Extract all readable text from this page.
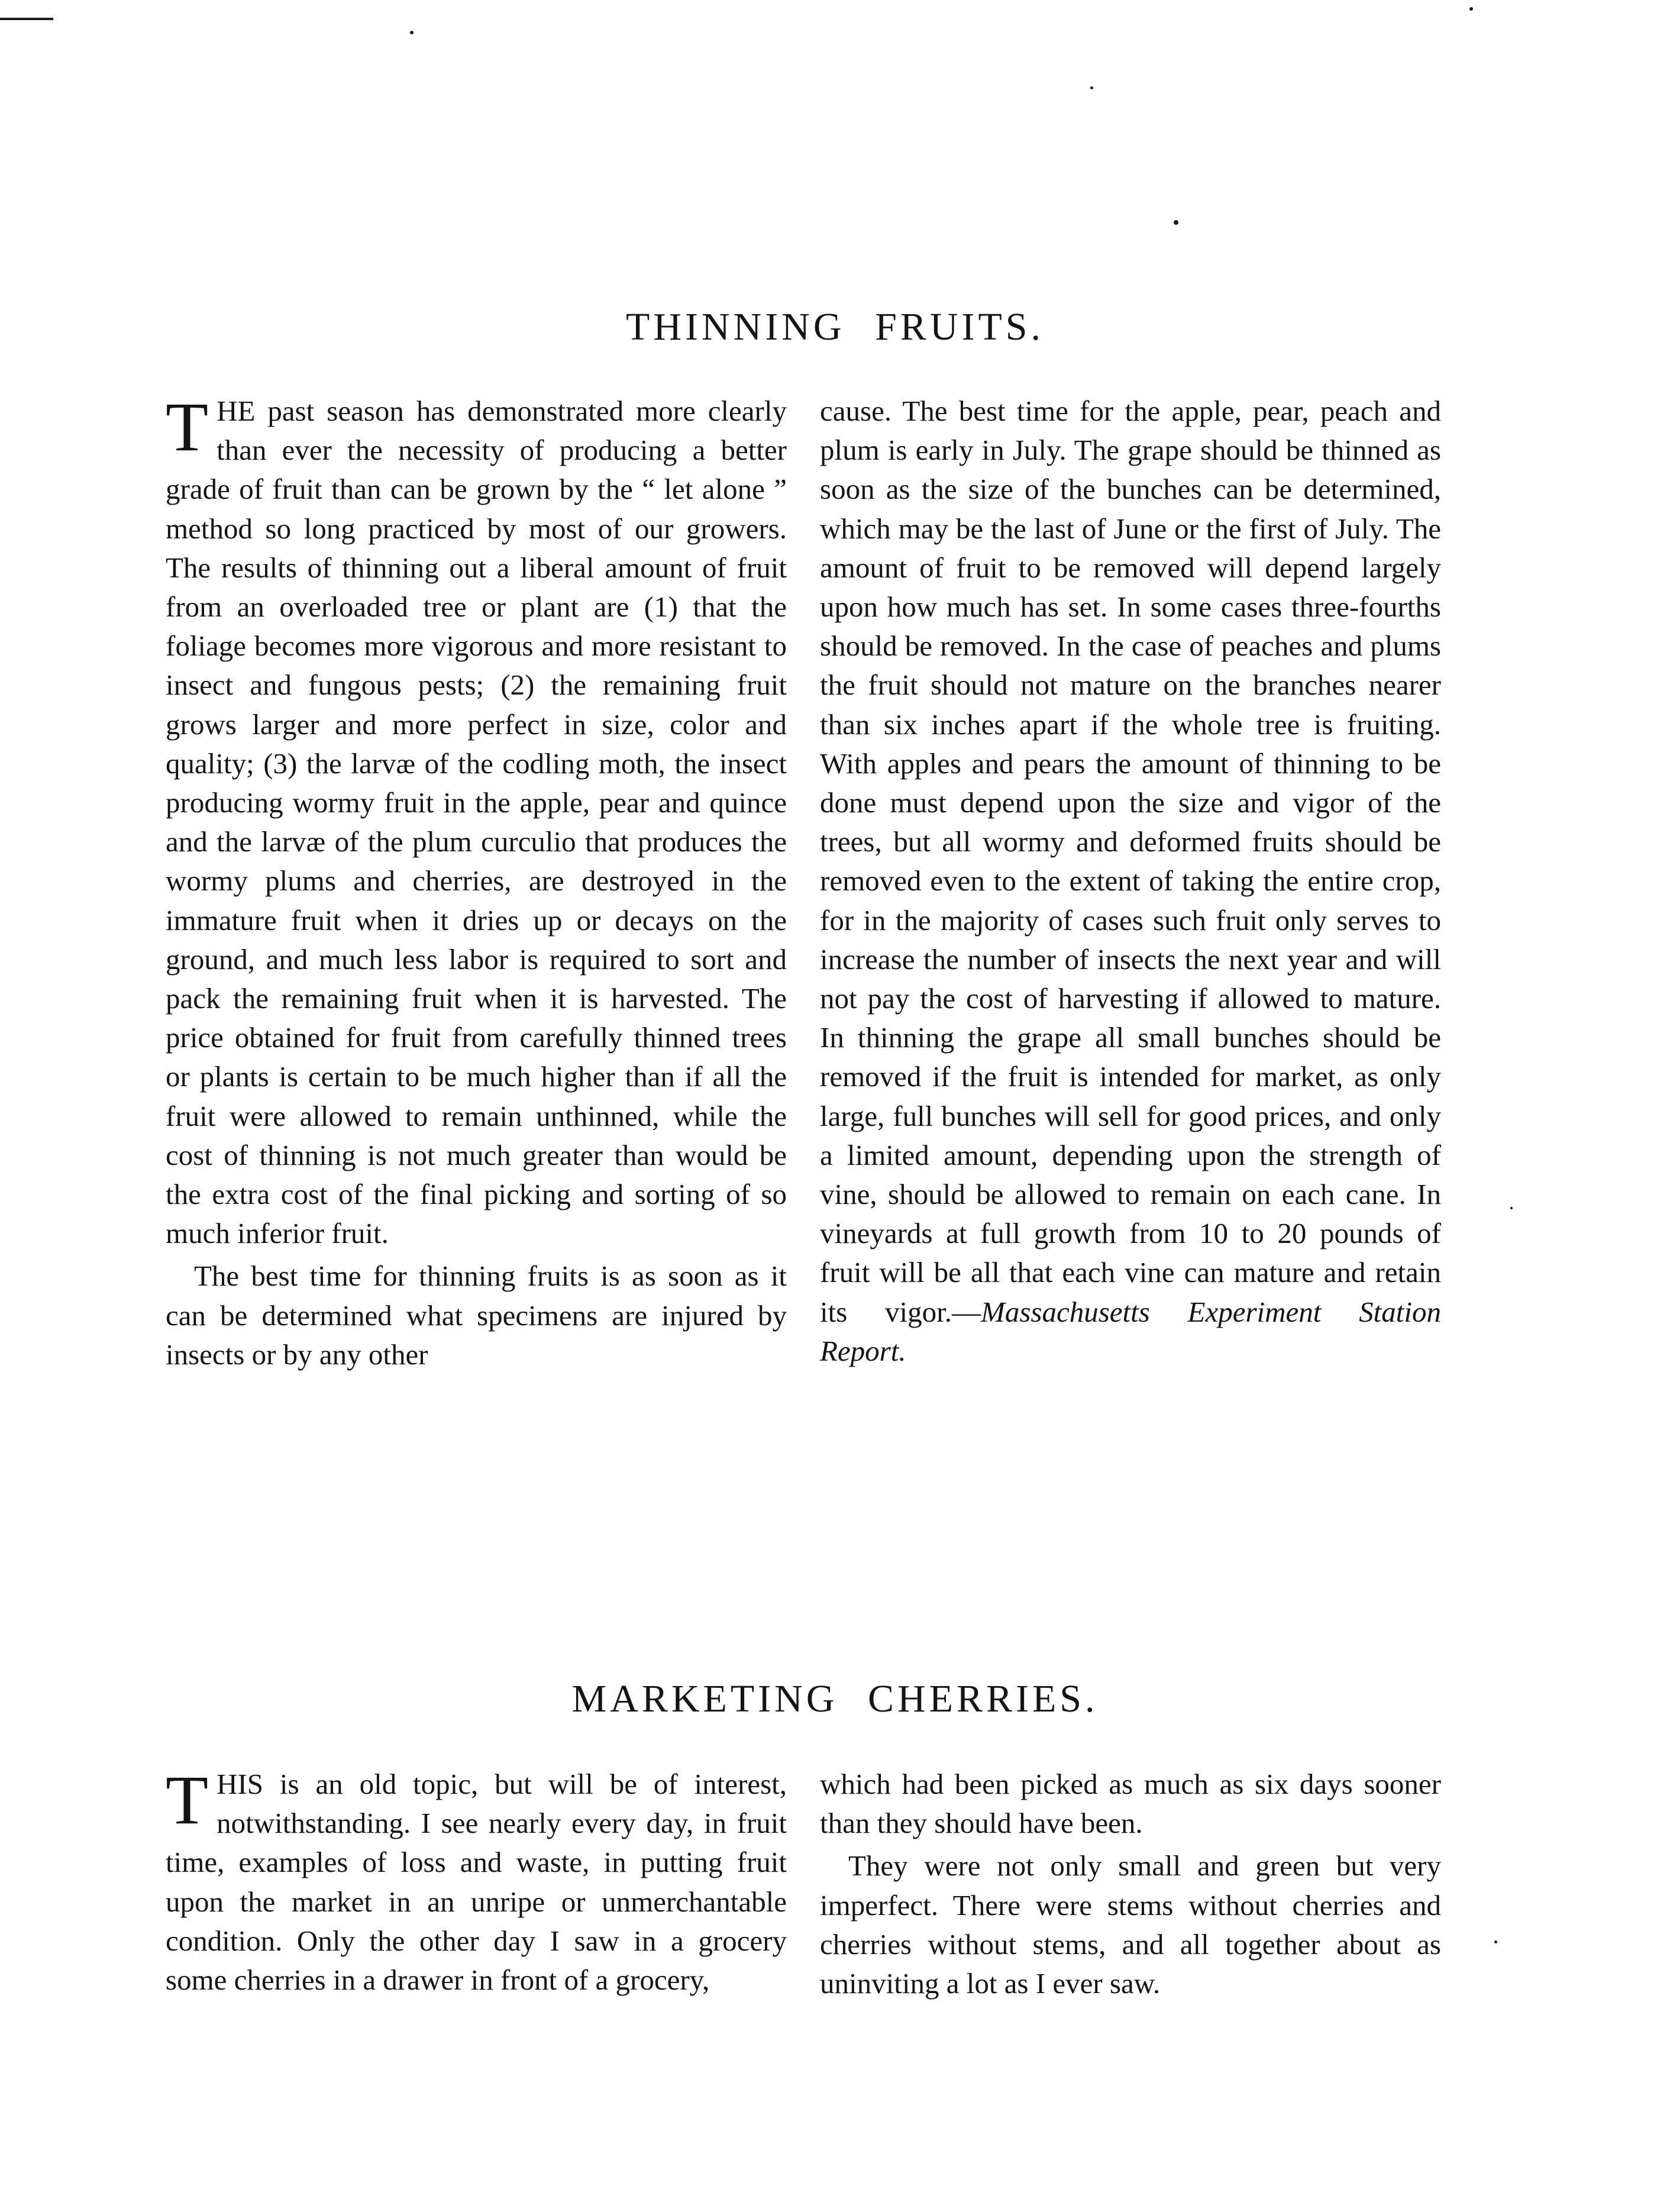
THINNING FRUITS.

THE past season has demonstrated more clearly than ever the necessity of producing a better grade of fruit than can be grown by the “ let alone ” method so long practiced by most of our growers. The results of thinning out a liberal amount of fruit from an overloaded tree or plant are (1) that the foliage becomes more vigorous and more resistant to insect and fungous pests; (2) the remaining fruit grows larger and more perfect in size, color and quality; (3) the larvæ of the codling moth, the insect producing wormy fruit in the apple, pear and quince and the larvæ of the plum curculio that produces the wormy plums and cherries, are destroyed in the immature fruit when it dries up or decays on the ground, and much less labor is required to sort and pack the remaining fruit when it is harvested. The price obtained for fruit from carefully thinned trees or plants is certain to be much higher than if all the fruit were allowed to remain unthinned, while the cost of thinning is not much greater than would be the extra cost of the final picking and sorting of so much inferior fruit.

The best time for thinning fruits is as soon as it can be determined what specimens are injured by insects or by any other

cause. The best time for the apple, pear, peach and plum is early in July. The grape should be thinned as soon as the size of the bunches can be determined, which may be the last of June or the first of July. The amount of fruit to be removed will depend largely upon how much has set. In some cases three-fourths should be removed. In the case of peaches and plums the fruit should not mature on the branches nearer than six inches apart if the whole tree is fruiting. With apples and pears the amount of thinning to be done must depend upon the size and vigor of the trees, but all wormy and deformed fruits should be removed even to the extent of taking the entire crop, for in the majority of cases such fruit only serves to increase the number of insects the next year and will not pay the cost of harvesting if allowed to mature. In thinning the grape all small bunches should be removed if the fruit is intended for market, as only large, full bunches will sell for good prices, and only a limited amount, depending upon the strength of vine, should be allowed to remain on each cane. In vineyards at full growth from 10 to 20 pounds of fruit will be all that each vine can mature and retain its vigor.—Massachusetts Experiment Station Report.

MARKETING CHERRIES.

THIS is an old topic, but will be of interest, notwithstanding. I see nearly every day, in fruit time, examples of loss and waste, in putting fruit upon the market in an unripe or unmerchantable condition. Only the other day I saw in a grocery some cherries in a drawer in front of a grocery,

which had been picked as much as six days sooner than they should have been.

They were not only small and green but very imperfect. There were stems without cherries and cherries without stems, and all together about as uninviting a lot as I ever saw.
